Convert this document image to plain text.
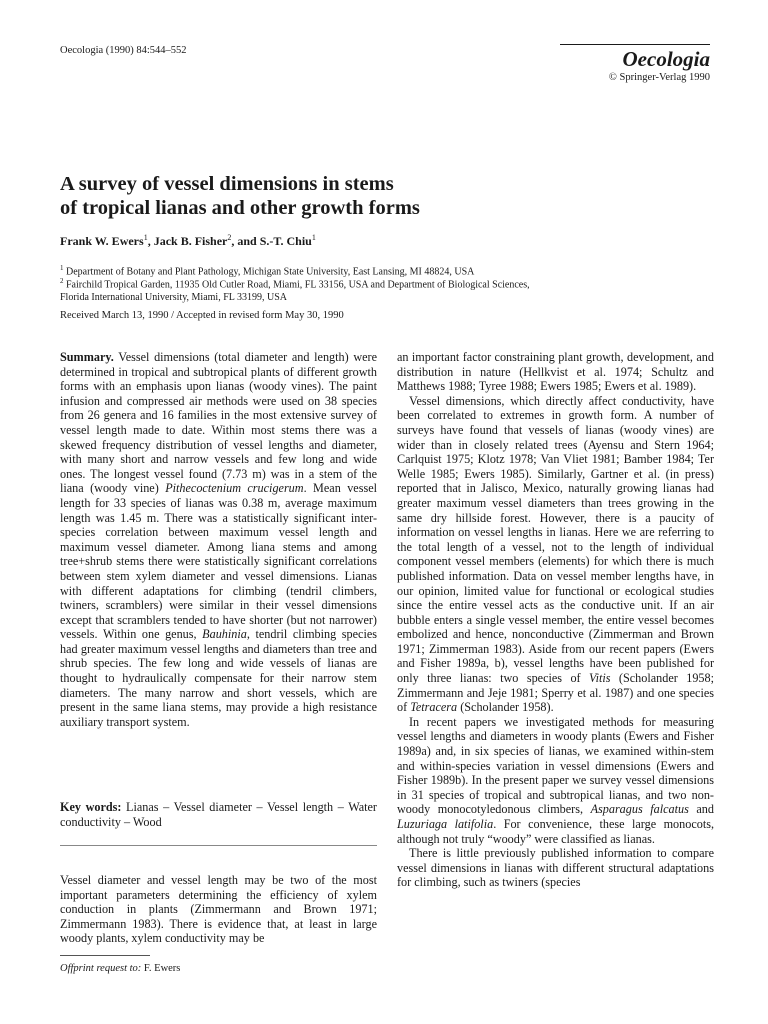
Oecologia (1990) 84:544–552	Oecologia
© Springer-Verlag 1990
A survey of vessel dimensions in stems
of tropical lianas and other growth forms
Frank W. Ewers$^1$, Jack B. Fisher$^2$, and S.-T. Chiu$^1$
$^1$ Department of Botany and Plant Pathology, Michigan State University, East Lansing, MI 48824, USA
$^2$ Fairchild Tropical Garden, 11935 Old Cutler Road, Miami, FL 33156, USA and Department of Biological Sciences,
Florida International University, Miami, FL 33199, USA
Received March 13, 1990 / Accepted in revised form May 30, 1990

Summary. Vessel dimensions (total diameter and length) were determined in tropical and subtropical plants of different growth forms with an emphasis upon lianas (woody vines). The paint infusion and compressed air methods were used on 38 species from 26 genera and 16 families in the most extensive survey of vessel length made to date. Within most stems there was a skewed frequency distribution of vessel lengths and diameter, with many short and narrow vessels and few long and wide ones. The longest vessel found (7.73 m) was in a stem of the liana (woody vine) Pithecoctenium crucigerum. Mean vessel length for 33 species of lianas was 0.38 m, average maximum length was 1.45 m. There was a statistically significant inter-species correlation between maximum vessel length and maximum vessel diameter. Among liana stems and among tree+shrub stems there were statistically significant correlations between stem xylem diameter and vessel dimensions. Lianas with different adaptations for climbing (tendril climbers, twiners, scramblers) were similar in their vessel dimensions except that scramblers tended to have shorter (but not narrower) vessels. Within one genus, Bauhinia, tendril climbing species had greater maximum vessel lengths and diameters than tree and shrub species. The few long and wide vessels of lianas are thought to hydraulically compensate for their narrow stem diameters. The many narrow and short vessels, which are present in the same liana stems, may provide a high resistance auxiliary transport system.

Key words: Lianas – Vessel diameter – Vessel length – Water conductivity – Wood

Vessel diameter and vessel length may be two of the most important parameters determining the efficiency of xylem conduction in plants (Zimmermann and Brown 1971; Zimmermann 1983). There is evidence that, at least in large woody plants, xylem conductivity may be

Offprint request to: F. Ewers

an important factor constraining plant growth, development, and distribution in nature (Hellkvist et al. 1974; Schultz and Matthews 1988; Tyree 1988; Ewers 1985; Ewers et al. 1989).

Vessel dimensions, which directly affect conductivity, have been correlated to extremes in growth form. A number of surveys have found that vessels of lianas (woody vines) are wider than in closely related trees (Ayensu and Stern 1964; Carlquist 1975; Klotz 1978; Van Vliet 1981; Bamber 1984; Ter Welle 1985; Ewers 1985). Similarly, Gartner et al. (in press) reported that in Jalisco, Mexico, naturally growing lianas had greater maximum vessel diameters than trees growing in the same dry hillside forest. However, there is a paucity of information on vessel lengths in lianas. Here we are referring to the total length of a vessel, not to the length of individual component vessel members (elements) for which there is much published information. Data on vessel member lengths have, in our opinion, limited value for functional or ecological studies since the entire vessel acts as the conductive unit. If an air bubble enters a single vessel member, the entire vessel becomes embolized and hence, nonconductive (Zimmerman and Brown 1971; Zimmerman 1983). Aside from our recent papers (Ewers and Fisher 1989a, b), vessel lengths have been published for only three lianas: two species of Vitis (Scholander 1958; Zimmermann and Jeje 1981; Sperry et al. 1987) and one species of Tetracera (Scholander 1958).

In recent papers we investigated methods for measuring vessel lengths and diameters in woody plants (Ewers and Fisher 1989a) and, in six species of lianas, we examined within-stem and within-species variation in vessel dimensions (Ewers and Fisher 1989b). In the present paper we survey vessel dimensions in 31 species of tropical and subtropical lianas, and two non-woody monocotyledonous climbers, Asparagus falcatus and Luzuriaga latifolia. For convenience, these large monocots, although not truly “woody” were classified as lianas.

There is little previously published information to compare vessel dimensions in lianas with different structural adaptations for climbing, such as twiners (species
